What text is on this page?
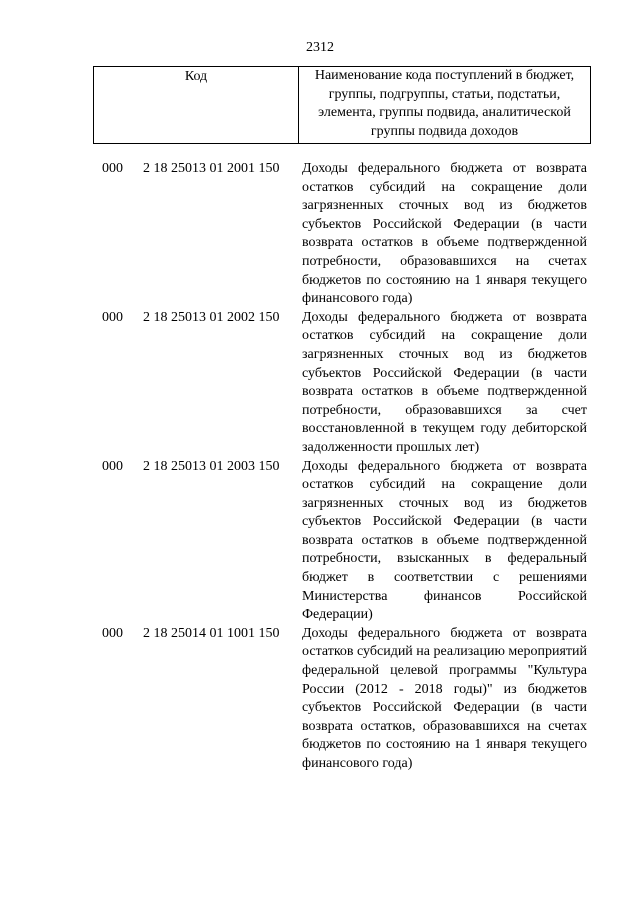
2312
Код	Наименование кода поступлений в бюджет, группы, подгруппы, статьи, подстатьи, элемента, группы подвида, аналитической группы подвида доходов
000 2 18 25013 01 2001 150 Доходы федерального бюджета от возврата остатков субсидий на сокращение доли загрязненных сточных вод из бюджетов субъектов Российской Федерации (в части возврата остатков в объеме подтвержденной потребности, образовавшихся на счетах бюджетов по состоянию на 1 января текущего финансового года)
000 2 18 25013 01 2002 150 Доходы федерального бюджета от возврата остатков субсидий на сокращение доли загрязненных сточных вод из бюджетов субъектов Российской Федерации (в части возврата остатков в объеме подтвержденной потребности, образовавшихся за счет восстановленной в текущем году дебиторской задолженности прошлых лет)
000 2 18 25013 01 2003 150 Доходы федерального бюджета от возврата остатков субсидий на сокращение доли загрязненных сточных вод из бюджетов субъектов Российской Федерации (в части возврата остатков в объеме подтвержденной потребности, взысканных в федеральный бюджет в соответствии с решениями Министерства финансов Российской Федерации)
000 2 18 25014 01 1001 150 Доходы федерального бюджета от возврата остатков субсидий на реализацию мероприятий федеральной целевой программы "Культура России (2012 - 2018 годы)" из бюджетов субъектов Российской Федерации (в части возврата остатков, образовавшихся на счетах бюджетов по состоянию на 1 января текущего финансового года)
